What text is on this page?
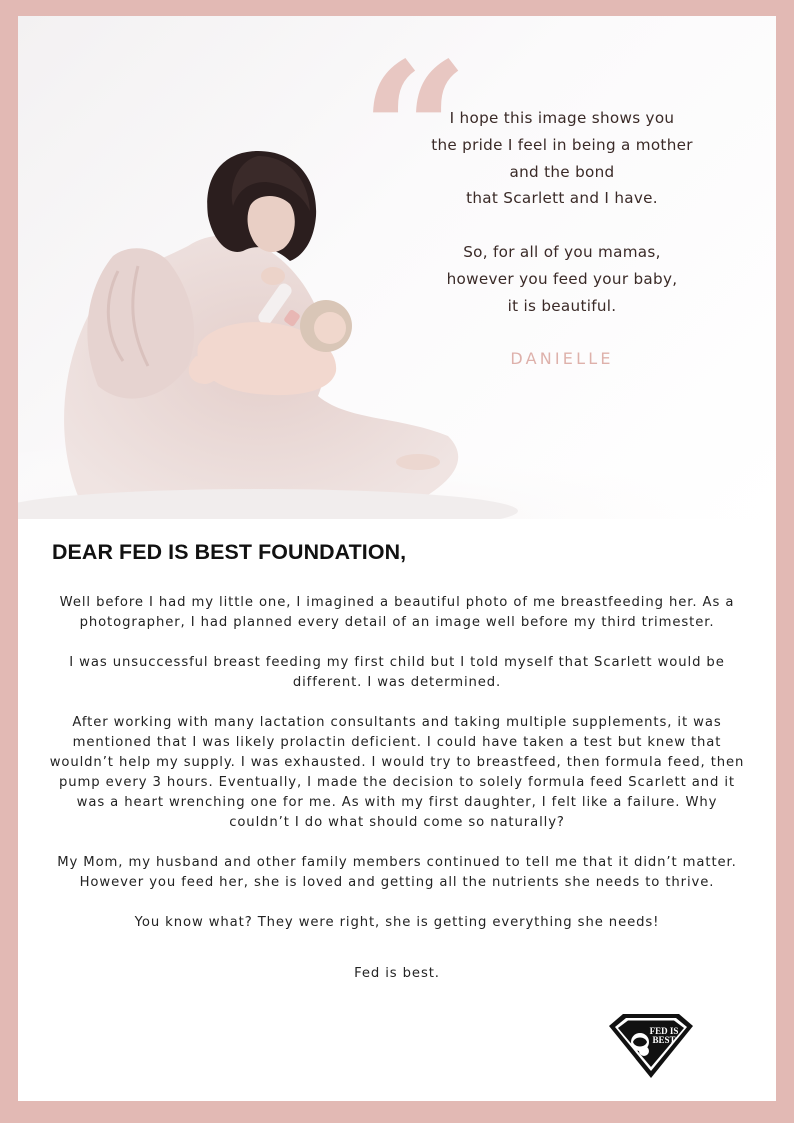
“
I hope this image shows you
the pride I feel in being a mother
and the bond
that Scarlett and I have.
So, for all of you mamas,
however you feed your baby,
it is beautiful.
DANIELLE
DEAR FED IS BEST FOUNDATION,

Well before I had my little one, I imagined a beautiful photo of me breastfeeding her. As a photographer, I had planned every detail of an image well before my third trimester.

I was unsuccessful breast feeding my first child but I told myself that Scarlett would be different. I was determined.

After working with many lactation consultants and taking multiple supplements, it was mentioned that I was likely prolactin deficient. I could have taken a test but knew that wouldn’t help my supply. I was exhausted. I would try to breastfeed, then formula feed, then pump every 3 hours. Eventually, I made the decision to solely formula feed Scarlett and it was a heart wrenching one for me. As with my first daughter, I felt like a failure. Why couldn’t I do what should come so naturally?

My Mom, my husband and other family members continued to tell me that it didn’t matter. However you feed her, she is loved and getting all the nutrients she needs to thrive.

You know what? They were right, she is getting everything she needs!

Fed is best.

FED IS
BEST
